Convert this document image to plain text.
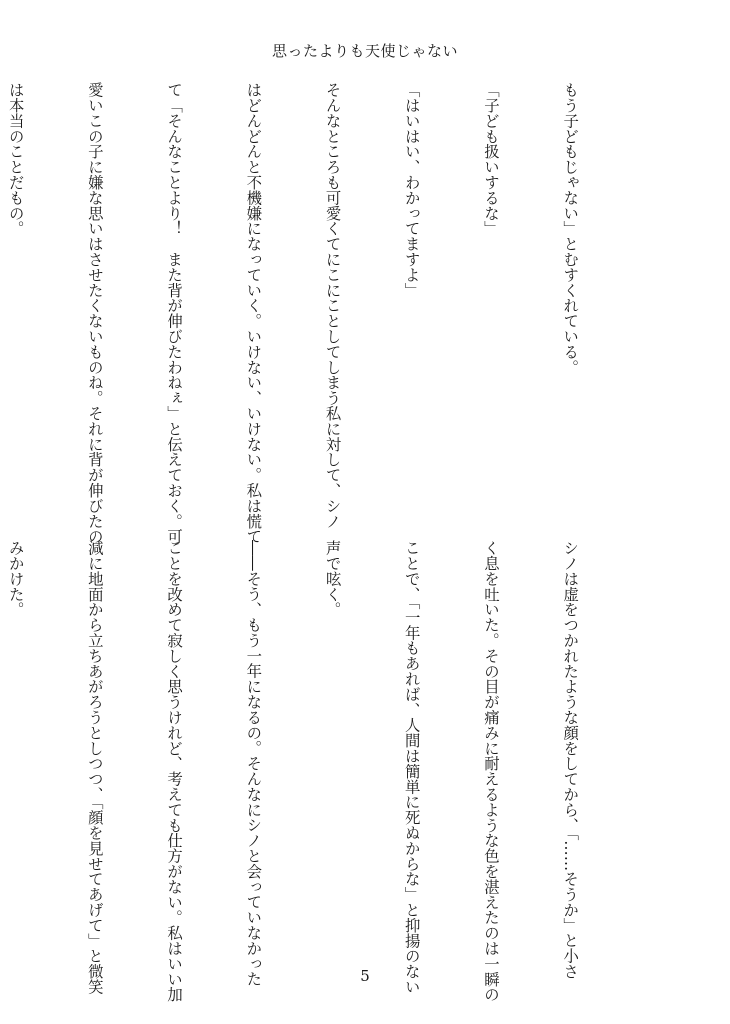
思ったよりも天使じゃない

もう子どもじゃない」とむすくれている。

「子ども扱いするな」

「はいはい、わかってますよ」

そんなところも可愛くてにこにことしてしまう私に対して、シノ

はどんどんと不機嫌になっていく。いけない、いけない。私は慌て

て「そんなことより！　また背が伸びたわねぇ」と伝えておく。可

愛いこの子に嫌な思いはさせたくないものね。それに背が伸びたの

は本当のことだもの。

シノは虚をつかれたような顔をしてから、「……そうか」と小さ

く息を吐いた。その目が痛みに耐えるような色を湛えたのは一瞬の

ことで、「一年もあれば、人間は簡単に死ぬからな」と抑揚のない

声で呟く。

――そう、もう一年になるの。そんなにシノと会っていなかった

ことを改めて寂しく思うけれど、考えても仕方がない。私はいい加

減に地面から立ちあがろうとしつつ、「顔を見せてあげて」と微笑

みかけた。

5
